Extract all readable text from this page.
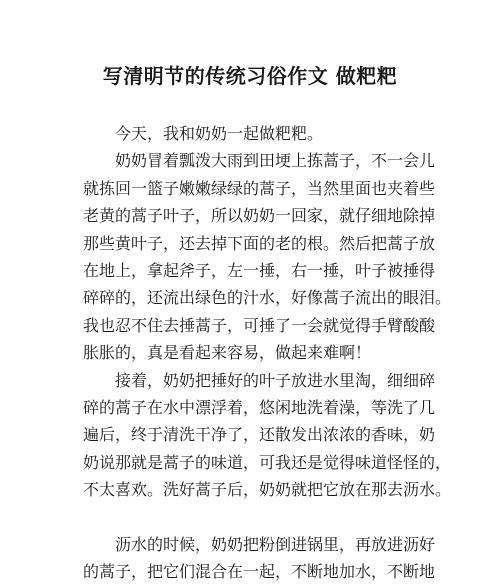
写清明节的传统习俗作文 做粑粑
　　今天，我和奶奶一起做粑粑。
　　奶奶冒着瓢泼大雨到田埂上拣蒿子，不一会儿
就拣回一篮子嫩嫩绿绿的蒿子，当然里面也夹着些
老黄的蒿子叶子，所以奶奶一回家，就仔细地除掉
那些黄叶子，还去掉下面的老的根。然后把蒿子放
在地上，拿起斧子，左一捶，右一捶，叶子被捶得
碎碎的，还流出绿色的汁水，好像蒿子流出的眼泪。
我也忍不住去捶蒿子，可捶了一会就觉得手臂酸酸
胀胀的，真是看起来容易，做起来难啊！
　　接着，奶奶把捶好的叶子放进水里淘，细细碎
碎的蒿子在水中漂浮着，悠闲地洗着澡，等洗了几
遍后，终于清洗干净了，还散发出浓浓的香味，奶
奶说那就是蒿子的味道，可我还是觉得味道怪怪的，
不太喜欢。洗好蒿子后，奶奶就把它放在那去沥水。
　　沥水的时候，奶奶把粉倒进锅里，再放进沥好
的蒿子，把它们混合在一起，不断地加水，不断地
